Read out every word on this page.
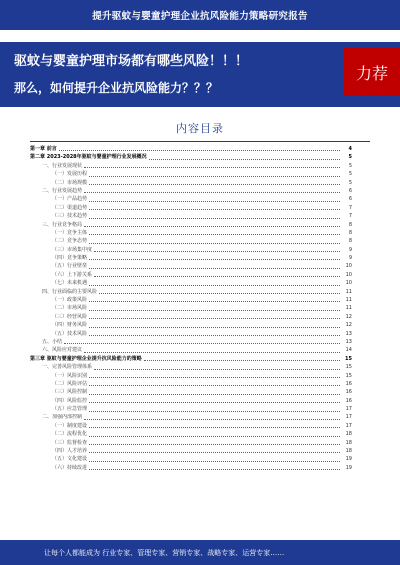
提升驱蚊与婴童护理企业抗风险能力策略研究报告
驱蚊与婴童护理市场都有哪些风险！！！
那么，如何提升企业抗风险能力？？？
力荐
内容目录
第一章 前言	4
第二章 2023-2028年驱蚊与婴童护理行业发展概况	5
一、行业发展现状	5
（一）发展历程	5
（二）市场规模	5
二、行业发展趋势	6
（一）产品趋势	6
（二）渠道趋势	7
（三）技术趋势	7
三、行业竞争格局	8
（一）竞争主体	8
（二）竞争态势	8
（三）市场集中度	9
（四）竞争策略	9
（五）行业壁垒	10
（六）上下游关系	10
（七）未来机遇	10
四、行业面临的主要风险	11
（一）政策风险	11
（二）市场风险	11
（三）经营风险	12
（四）财务风险	12
（五）技术风险	13
五、小结	13
六、风险应对建议	14
第三章 驱蚊与婴童护理企业提升抗风险能力的策略	15
一、完善风险管理体系	15
（一）风险识别	15
（二）风险评估	16
（三）风险控制	16
（四）风险监控	16
（五）应急管理	17
二、加强内部控制	17
（一）制度建设	17
（二）流程优化	18
（三）监督检查	18
（四）人才培养	18
（五）文化建设	19
（六）持续改进	19
让每个人都能成为 行业专家、管理专家、营销专家、战略专家、运营专家……
